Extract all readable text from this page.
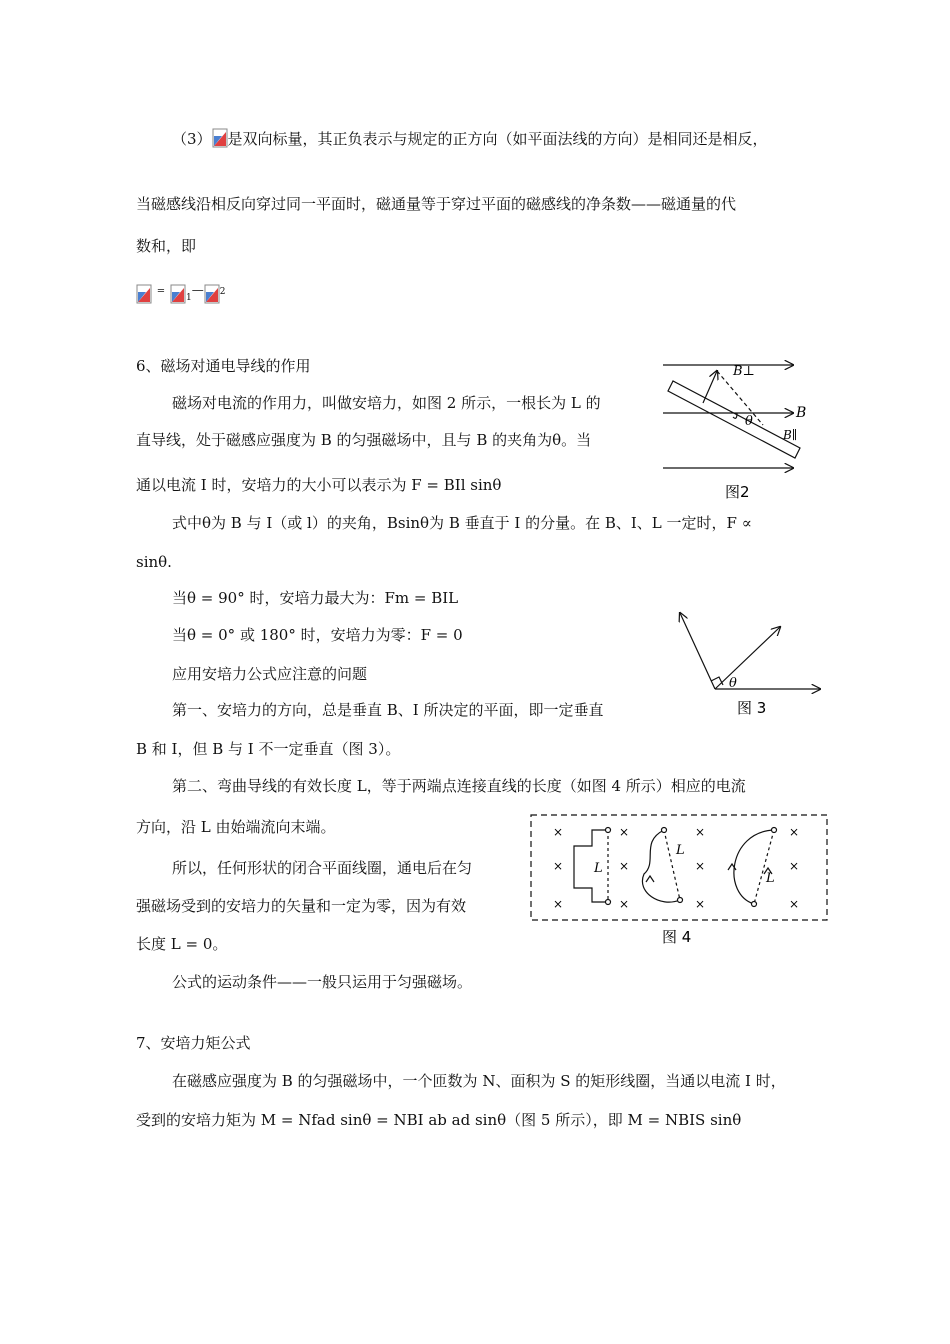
（3） 是双向标量，其正负表示与规定的正方向（如平面法线的方向）是相同还是相反，
当磁感线沿相反向穿过同一平面时，磁通量等于穿过平面的磁感线的净条数——磁通量的代
数和，即
= 1— $^2$
6、磁场对通电导线的作用
磁场对电流的作用力，叫做安培力，如图 2 所示，一根长为 L 的
直导线，处于磁感应强度为 B 的匀强磁场中，且与 B 的夹角为θ。当
通以电流 I 时，安培力的大小可以表示为 F = BIl sinθ
式中θ为 B 与 I（或 l）的夹角，Bsinθ为 B 垂直于 I 的分量。在 B、I、L 一定时，F ∝
sinθ.
当θ = 90° 时，安培力最大为：Fm = BIL
当θ = 0° 或 180° 时，安培力为零：F = 0
应用安培力公式应注意的问题
第一、安培力的方向，总是垂直 B、I 所决定的平面，即一定垂直
B 和 I，但 B 与 I 不一定垂直（图 3）。
第二、弯曲导线的有效长度 L，等于两端点连接直线的长度（如图 4 所示）相应的电流
方向，沿 L 由始端流向末端。
所以，任何形状的闭合平面线圈，通电后在匀
强磁场受到的安培力的矢量和一定为零，因为有效
长度 L = 0。
公式的运动条件——一般只运用于匀强磁场。
B⊥
B
θ
B∥
图2
θ
图 3
×
×
×
×
×
×
×
×
×
×
×
×
L
L
L
图 4
7、安培力矩公式
在磁感应强度为 B 的匀强磁场中，一个匝数为 N、面积为 S 的矩形线圈，当通以电流 I 时，
受到的安培力矩为 M = Nfad sinθ = NBI ab ad sinθ（图 5 所示），即 M = NBIS sinθ
